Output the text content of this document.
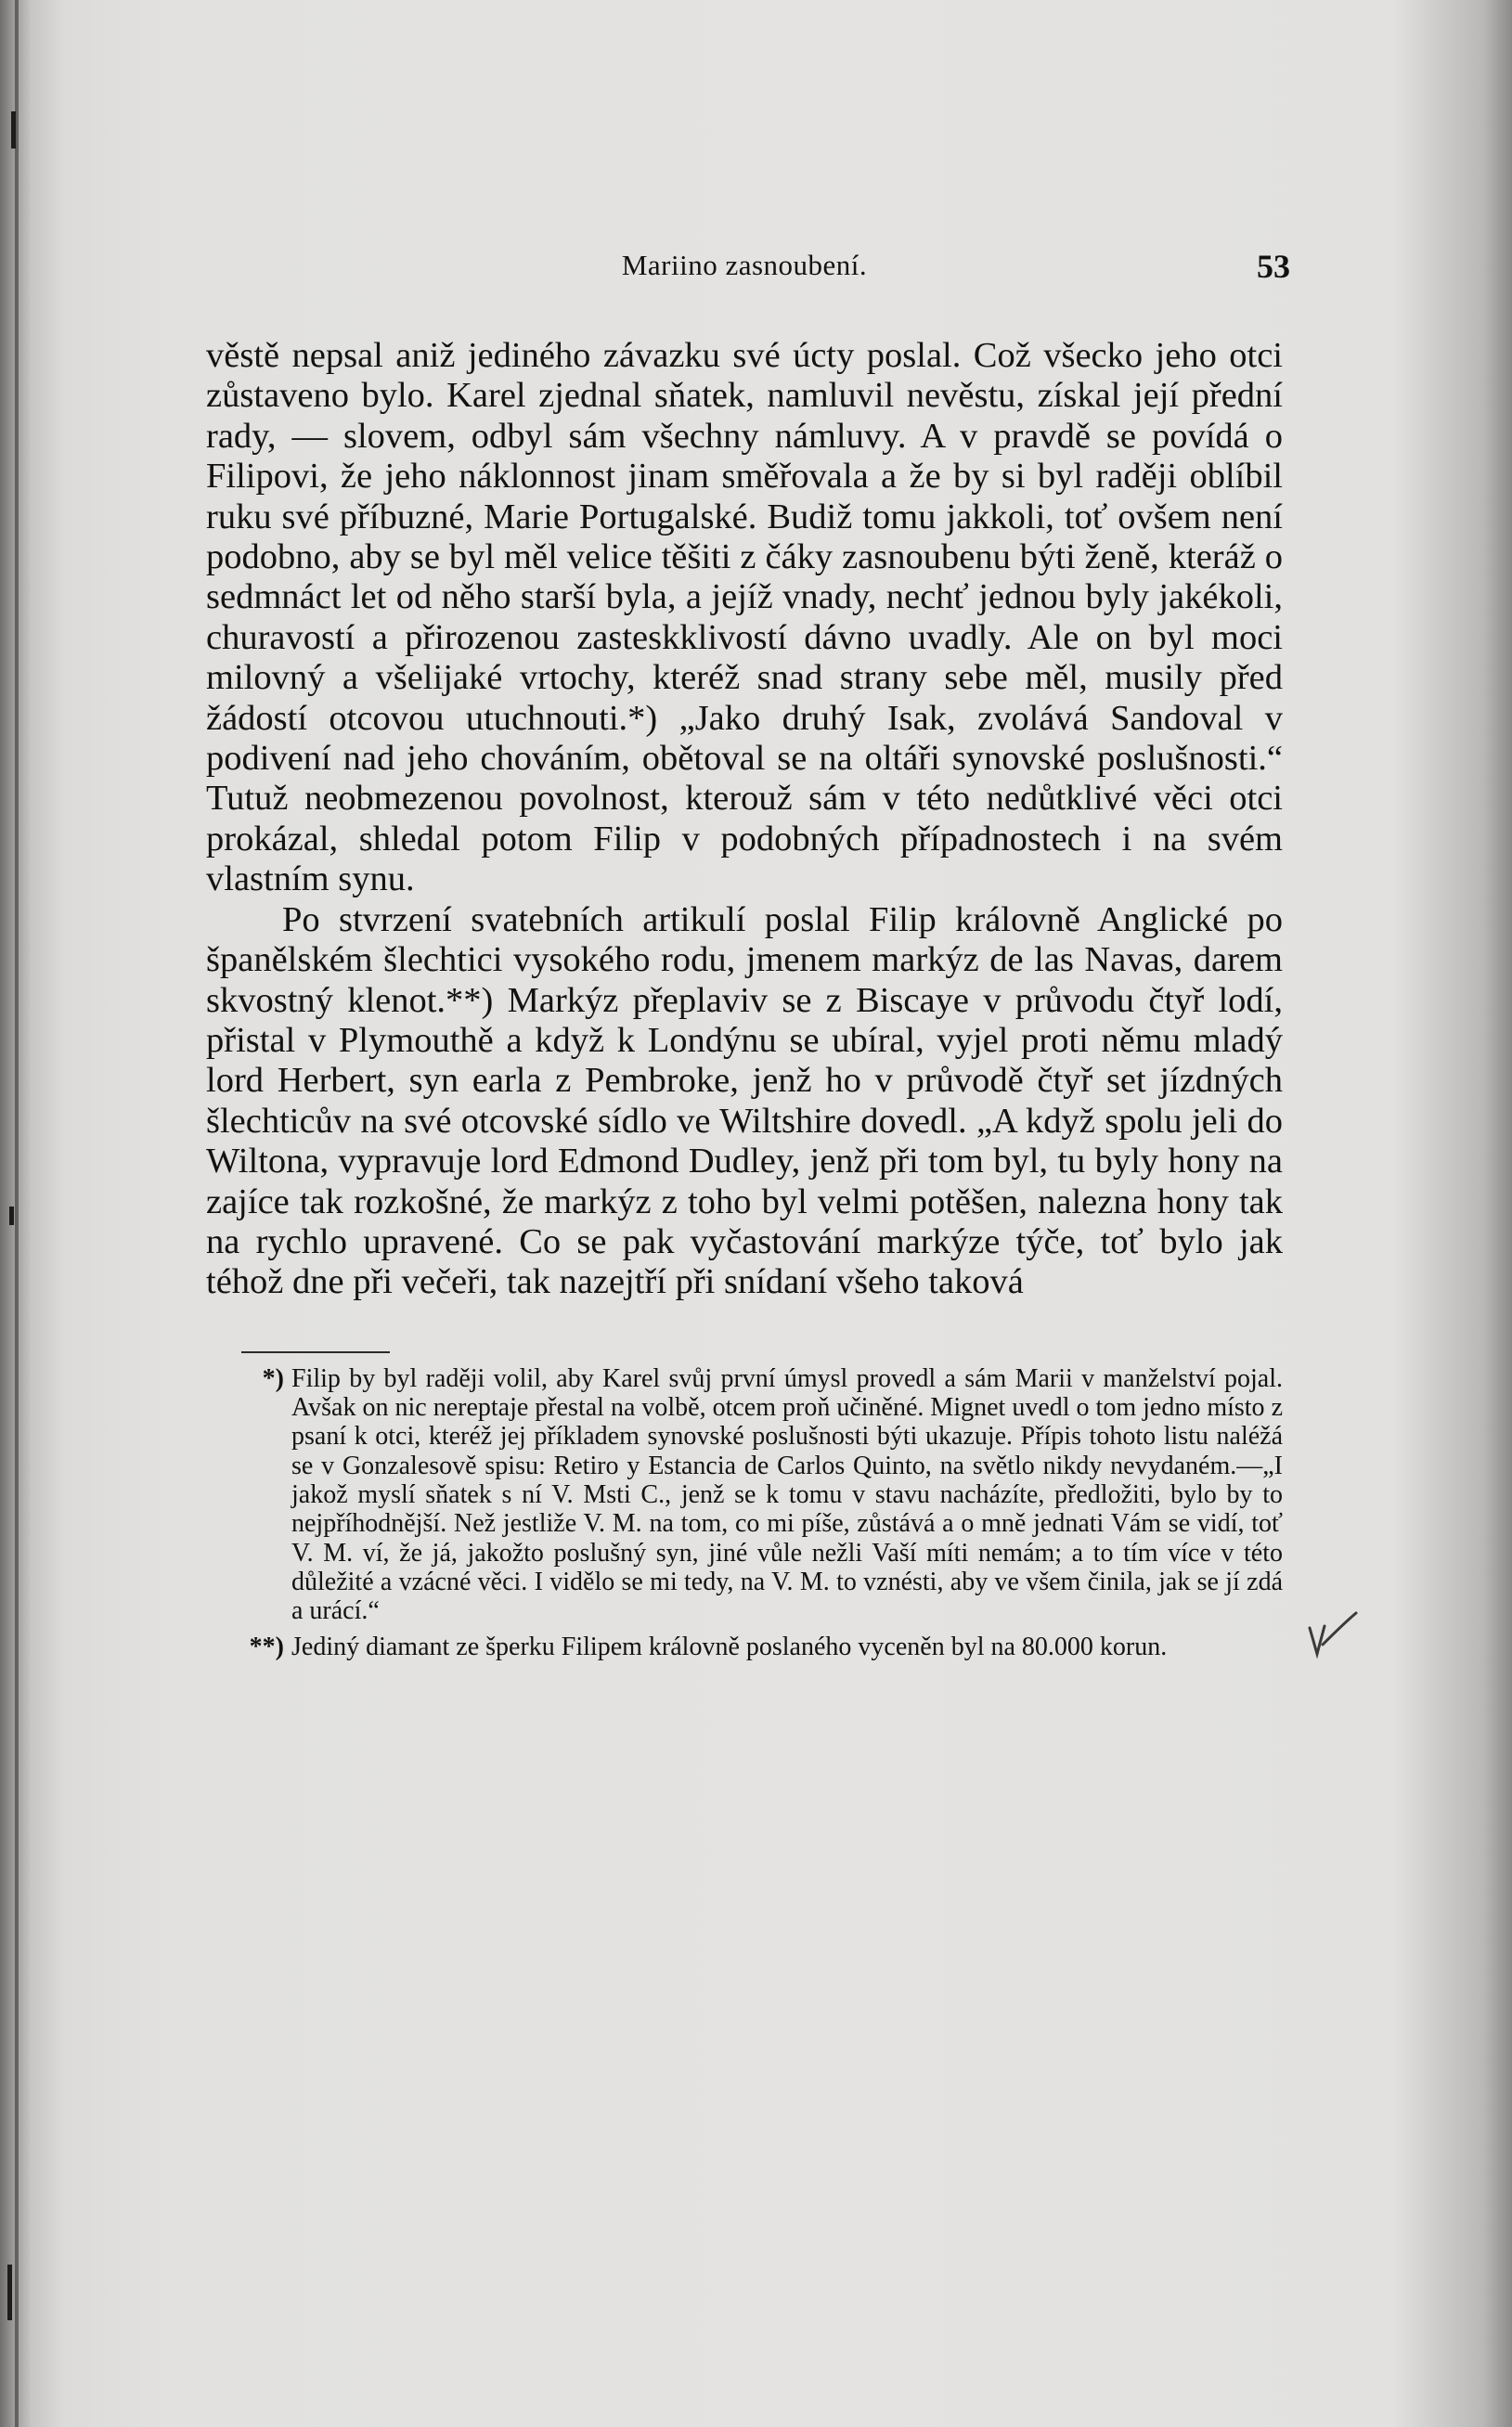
Mariino zasnoubení.	53

věstě nepsal aniž jediného závazku své úcty poslal. Což všecko jeho otci zůstaveno bylo. Karel zjednal sňatek, namluvil nevěstu, získal její přední rady, — slovem, odbyl sám všechny námluvy. A v pravdě se povídá o Filipovi, že jeho náklonnost jinam směřovala a že by si byl raději oblíbil ruku své příbuzné, Marie Portugalské. Budiž tomu jakkoli, toť ovšem není podobno, aby se byl měl velice těšiti z čáky zasnoubenu býti ženě, kteráž o sedmnáct let od něho starší byla, a jejíž vnady, nechť jednou byly jakékoli, churavostí a přirozenou zasteskklivostí dávno uvadly. Ale on byl moci milovný a všelijaké vrtochy, kteréž snad strany sebe měl, musily před žádostí otcovou utuchnouti.*) „Jako druhý Isak, zvolává Sandoval v podivení nad jeho chováním, obětoval se na oltáři synovské poslušnosti.“ Tutuž neobmezenou povolnost, kterouž sám v této nedůtklivé věci otci prokázal, shledal potom Filip v podobných případnostech i na svém vlastním synu.

Po stvrzení svatebních artikulí poslal Filip královně Anglické po španělském šlechtici vysokého rodu, jmenem markýz de las Navas, darem skvostný klenot.**) Markýz přeplaviv se z Biscaye v průvodu čtyř lodí, přistal v Plymouthě a když k Londýnu se ubíral, vyjel proti němu mladý lord Herbert, syn earla z Pembroke, jenž ho v průvodě čtyř set jízdných šlechticův na své otcovské sídlo ve Wiltshire dovedl. „A když spolu jeli do Wiltona, vypravuje lord Edmond Dudley, jenž při tom byl, tu byly hony na zajíce tak rozkošné, že markýz z toho byl velmi potěšen, nalezna hony tak na rychlo upravené. Co se pak vyčastování markýze týče, toť bylo jak téhož dne při večeři, tak nazejtří při snídaní všeho taková

*) Filip by byl raději volil, aby Karel svůj první úmysl provedl a sám Marii v manželství pojal. Avšak on nic nereptaje přestal na volbě, otcem proň učiněné. Mignet uvedl o tom jedno místo z psaní k otci, kteréž jej příkladem synovské poslušnosti býti ukazuje. Přípis tohoto listu naléžá se v Gonzalesově spisu: Retiro y Estancia de Carlos Quinto, na světlo nikdy nevydaném.—„I jakož myslí sňatek s ní V. Msti C., jenž se k tomu v stavu nacházíte, předložiti, bylo by to nejpříhodnější. Než jestliže V. M. na tom, co mi píše, zůstává a o mně jednati Vám se vidí, toť V. M. ví, že já, jakožto poslušný syn, jiné vůle nežli Vaší míti nemám; a to tím více v této důležité a vzácné věci. I vidělo se mi tedy, na V. M. to vznésti, aby ve všem činila, jak se jí zdá a urácí.“
**) Jediný diamant ze šperku Filipem královně poslaného vyceněn byl na 80.000 korun.
